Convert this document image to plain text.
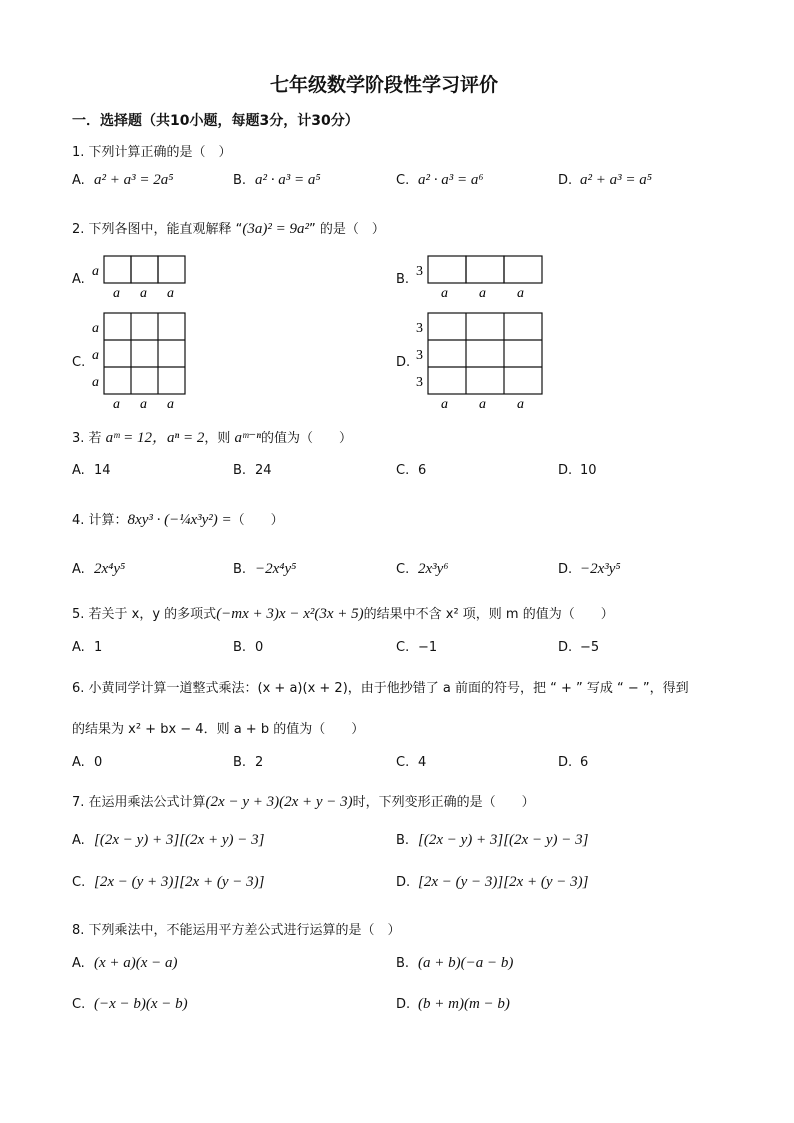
七年级数学阶段性学习评价
一．选择题（共10小题，每题3分，计30分）
1. 下列计算正确的是（　）
A. a² + a³ = 2a⁵	B. a² · a³ = a⁵	C. a² · a³ = a⁶	D. a² + a³ = a⁵
2. 下列各图中，能直观解释 “(3a)² = 9a²” 的是（　）
A.	B.
C.	D.
a
a a a
3
a a a
a
a
a
a a a
3
3
3
a a a
3. 若 aᵐ = 12，aⁿ = 2，则 aᵐ⁻ⁿ的值为（　　）
A. 14	B. 24	C. 6	D. 10
4. 计算：8xy³ · (−¼x³y²) =（　　）
A. 2x⁴y⁵	B. −2x⁴y⁵	C. 2x³y⁶	D. −2x³y⁵
5. 若关于 x，y 的多项式(−mx + 3)x − x²(3x + 5)的结果中不含 x² 项，则 m 的值为（　　）
A. 1	B. 0	C. −1	D. −5
6. 小黄同学计算一道整式乘法：(x + a)(x + 2)，由于他抄错了 a 前面的符号，把 “ + ” 写成 “ − ”，得到
的结果为 x² + bx − 4．则 a + b 的值为（　　）
A. 0	B. 2	C. 4	D. 6
7. 在运用乘法公式计算(2x − y + 3)(2x + y − 3)时，下列变形正确的是（　　）
A. [(2x − y) + 3][(2x + y) − 3]	B. [(2x − y) + 3][(2x − y) − 3]
C. [2x − (y + 3)][2x + (y − 3)]	D. [2x − (y − 3)][2x + (y − 3)]
8. 下列乘法中，不能运用平方差公式进行运算的是（　）
A. (x + a)(x − a)	B. (a + b)(−a − b)
C. (−x − b)(x − b)	D. (b + m)(m − b)
